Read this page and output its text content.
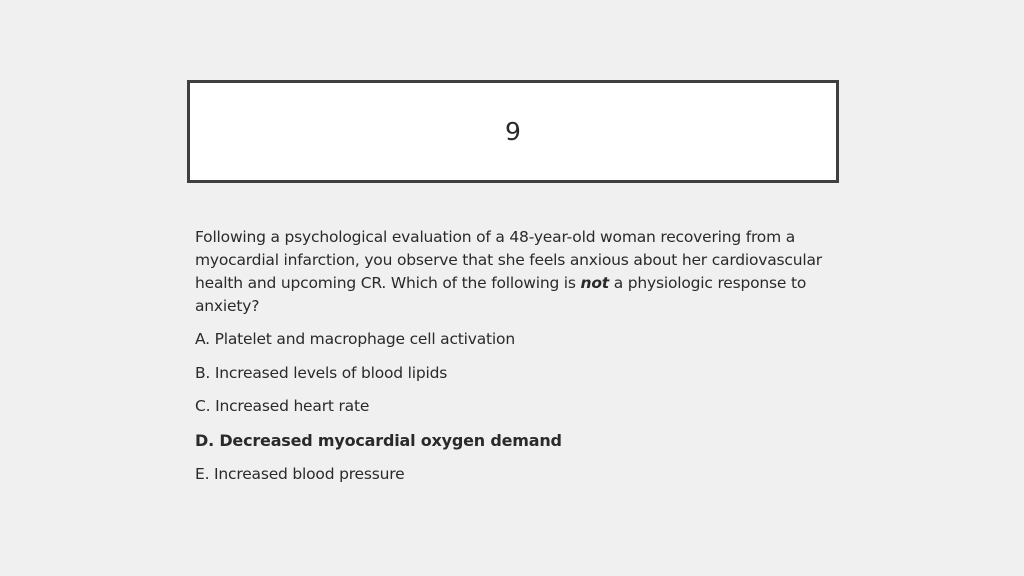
9

Following a psychological evaluation of a 48-year-old woman recovering from a myocardial infarction, you observe that she feels anxious about her cardiovascular health and upcoming CR. Which of the following is not a physiologic response to anxiety?

A. Platelet and macrophage cell activation

B. Increased levels of blood lipids

C. Increased heart rate

D. Decreased myocardial oxygen demand

E. Increased blood pressure
